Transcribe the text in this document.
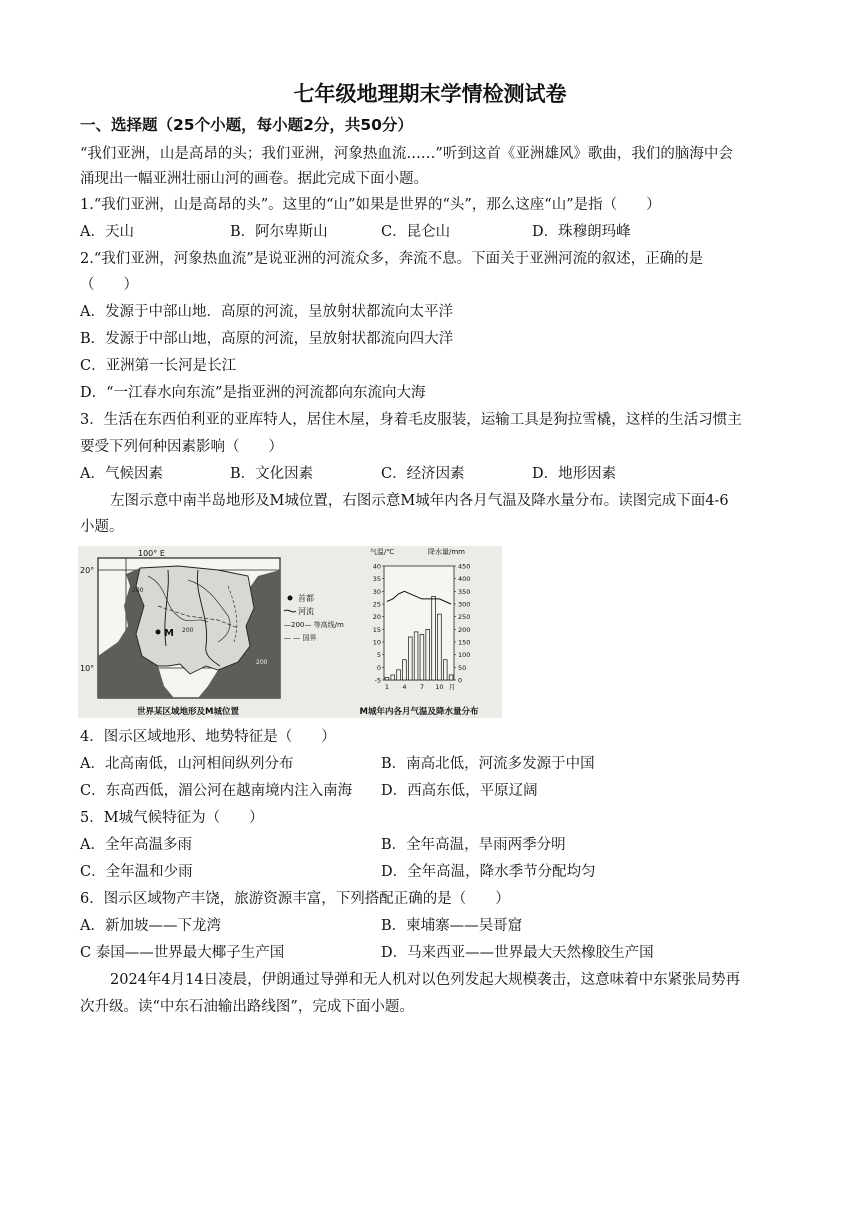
七年级地理期末学情检测试卷
一、选择题（25个小题，每小题2分，共50分）
“我们亚洲，山是高昂的头；我们亚洲，河象热血流……”听到这首《亚洲雄风》歌曲，我们的脑海中会
涌现出一幅亚洲壮丽山河的画卷。据此完成下面小题。
1.“我们亚洲，山是高昂的头”。这里的“山”如果是世界的“头”，那么这座“山”是指（　　）
A．天山	B．阿尔卑斯山	C．昆仑山	D．珠穆朗玛峰
2.“我们亚洲，河象热血流”是说亚洲的河流众多，奔流不息。下面关于亚洲河流的叙述，正确的是
（　　）
A．发源于中部山地．高原的河流，呈放射状都流向太平洋
B．发源于中部山地，高原的河流，呈放射状都流向四大洋
C．亚洲第一长河是长江
D．“一江春水向东流”是指亚洲的河流都向东流向大海
3．生活在东西伯利亚的亚库特人，居住木屋，身着毛皮服装，运输工具是狗拉雪橇，这样的生活习惯主
要受下列何种因素影响（　　）
A．气候因素	B．文化因素	C．经济因素	D．地形因素
左图示意中南半岛地形及M城位置，右图示意M城年内各月气温及降水量分布。读图完成下面4-6
小题。
M
200
200
200
100° E
20°
10°
首都
河流
—200— 等高线/m
— — 国界
世界某区域地形及M城位置
气温/℃	降水量/mm
40
35
30
25
20
15
10
5
0
-5
450
400
350
300
250
200
150
100
50
0
1 4 7 10 月
M城年内各月气温及降水量分布
4．图示区域地形、地势特征是（　　）
A．北高南低，山河相间纵列分布	B．南高北低，河流多发源于中国
C．东高西低，湄公河在越南境内注入南海 D．西高东低，平原辽阔
5．M城气候特征为（　　）
A．全年高温多雨	B．全年高温，旱雨两季分明
C．全年温和少雨	D．全年高温，降水季节分配均匀
6．图示区域物产丰饶，旅游资源丰富，下列搭配正确的是（　　）
A．新加坡——下龙湾	B．柬埔寨——吴哥窟
C 泰国——世界最大椰子生产国	D．马来西亚——世界最大天然橡胶生产国
2024年4月14日凌晨，伊朗通过导弹和无人机对以色列发起大规模袭击，这意味着中东紧张局势再
次升级。读“中东石油输出路线图”，完成下面小题。
